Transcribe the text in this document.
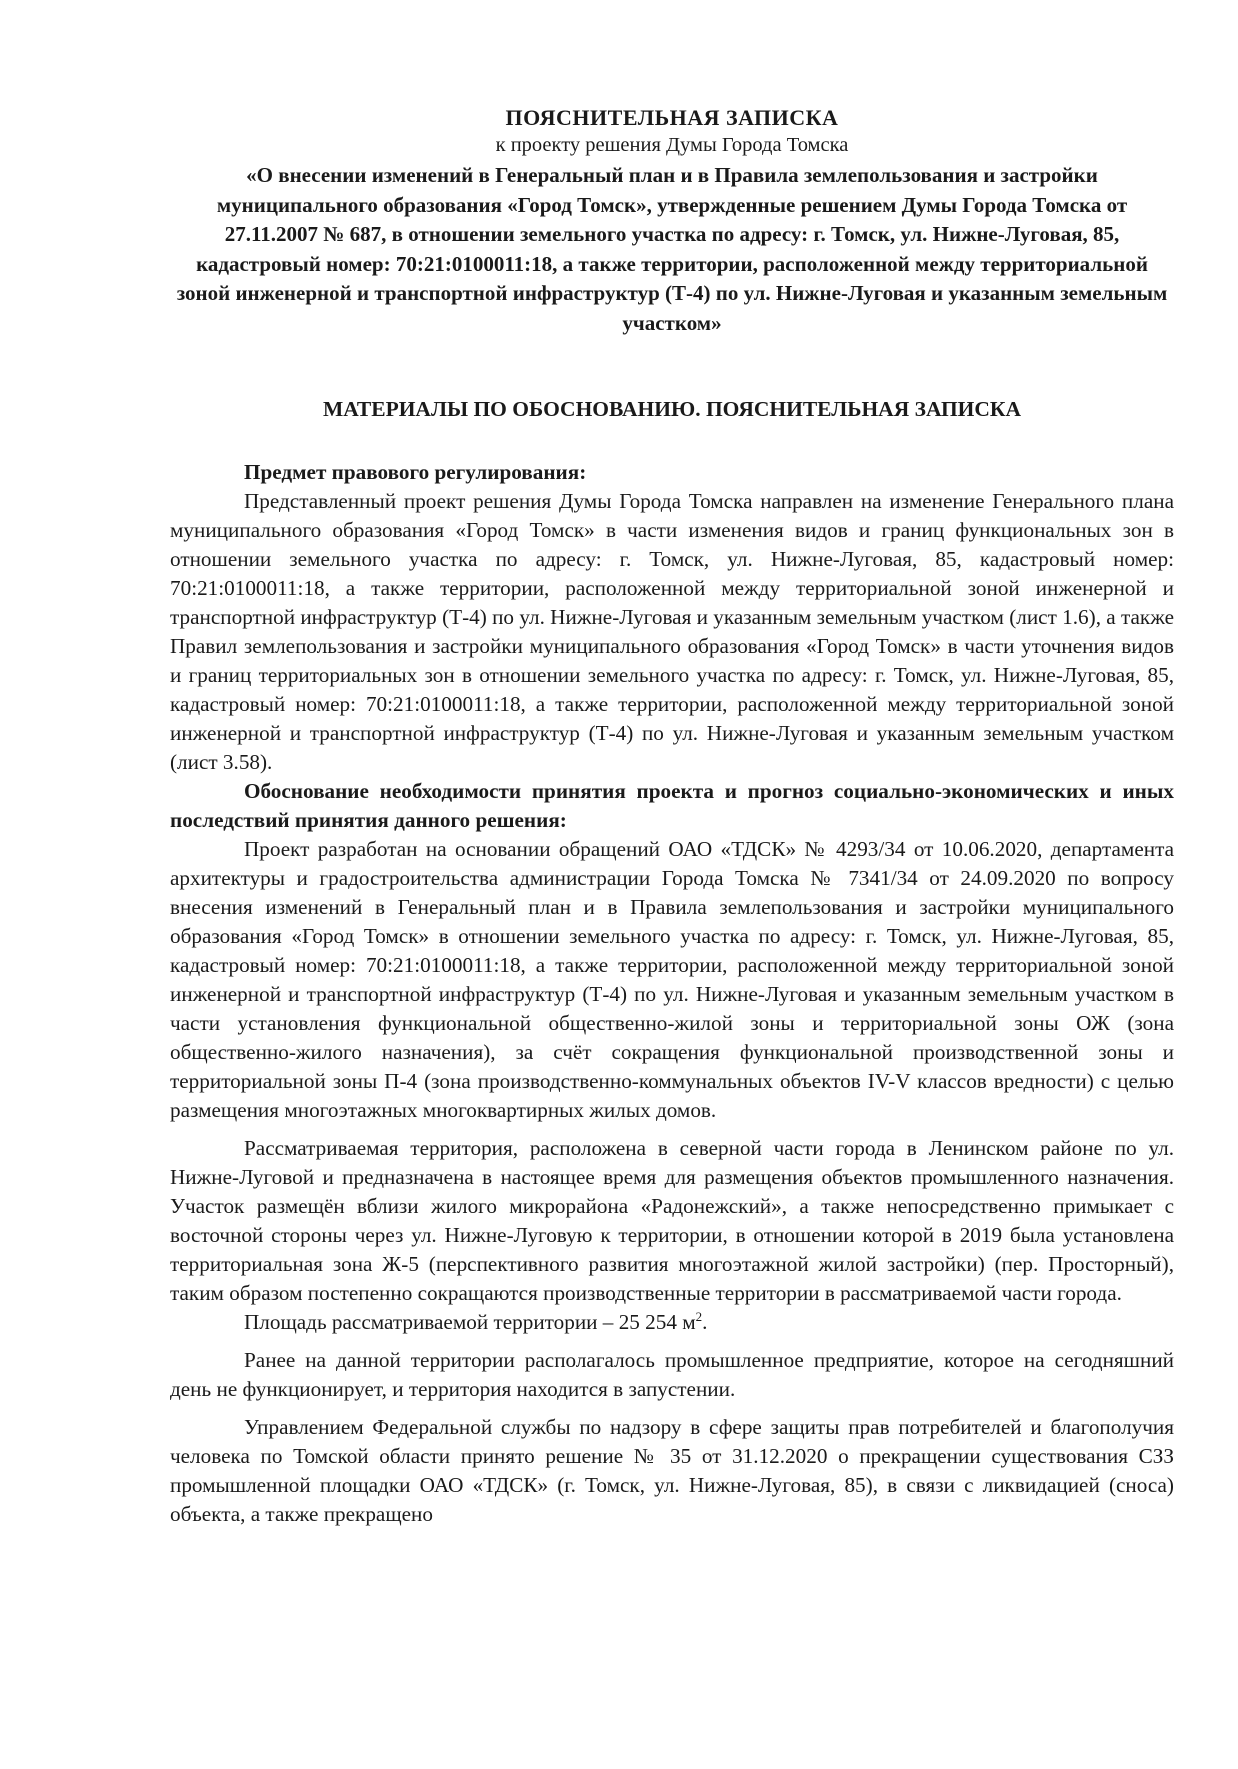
ПОЯСНИТЕЛЬНАЯ ЗАПИСКА
к проекту решения Думы Города Томска
«О внесении изменений в Генеральный план и в Правила землепользования и застройки муниципального образования «Город Томск», утвержденные решением Думы Города Томска от 27.11.2007 № 687, в отношении земельного участка по адресу: г. Томск, ул. Нижне-Луговая, 85, кадастровый номер: 70:21:0100011:18, а также территории, расположенной между территориальной зоной инженерной и транспортной инфраструктур (Т-4) по ул. Нижне-Луговая и указанным земельным участком»
МАТЕРИАЛЫ ПО ОБОСНОВАНИЮ. ПОЯСНИТЕЛЬНАЯ ЗАПИСКА

Предмет правового регулирования:

Представленный проект решения Думы Города Томска направлен на изменение Генерального плана муниципального образования «Город Томск» в части изменения видов и границ функциональных зон в отношении земельного участка по адресу: г. Томск, ул. Нижне-Луговая, 85, кадастровый номер: 70:21:0100011:18, а также территории, расположенной между территориальной зоной инженерной и транспортной инфраструктур (Т-4) по ул. Нижне-Луговая и указанным земельным участком (лист 1.6), а также Правил землепользования и застройки муниципального образования «Город Томск» в части уточнения видов и границ территориальных зон в отношении земельного участка по адресу: г. Томск, ул. Нижне-Луговая, 85, кадастровый номер: 70:21:0100011:18, а также территории, расположенной между территориальной зоной инженерной и транспортной инфраструктур (Т-4) по ул. Нижне-Луговая и указанным земельным участком (лист 3.58).

Обоснование необходимости принятия проекта и прогноз социально-экономических и иных последствий принятия данного решения:

Проект разработан на основании обращений ОАО «ТДСК» № 4293/34 от 10.06.2020, департамента архитектуры и градостроительства администрации Города Томска № 7341/34 от 24.09.2020 по вопросу внесения изменений в Генеральный план и в Правила землепользования и застройки муниципального образования «Город Томск» в отношении земельного участка по адресу: г. Томск, ул. Нижне-Луговая, 85, кадастровый номер: 70:21:0100011:18, а также территории, расположенной между территориальной зоной инженерной и транспортной инфраструктур (Т-4) по ул. Нижне-Луговая и указанным земельным участком в части установления функциональной общественно-жилой зоны и территориальной зоны ОЖ (зона общественно-жилого назначения), за счёт сокращения функциональной производственной зоны и территориальной зоны П-4 (зона производственно-коммунальных объектов IV-V классов вредности) с целью размещения многоэтажных многоквартирных жилых домов.

Рассматриваемая территория, расположена в северной части города в Ленинском районе по ул. Нижне-Луговой и предназначена в настоящее время для размещения объектов промышленного назначения. Участок размещён вблизи жилого микрорайона «Радонежский», а также непосредственно примыкает с восточной стороны через ул. Нижне-Луговую к территории, в отношении которой в 2019 была установлена территориальная зона Ж-5 (перспективного развития многоэтажной жилой застройки) (пер. Просторный), таким образом постепенно сокращаются производственные территории в рассматриваемой части города.

Площадь рассматриваемой территории – 25 254 $м^2$.

Ранее на данной территории располагалось промышленное предприятие, которое на сегодняшний день не функционирует, и территория находится в запустении.

Управлением Федеральной службы по надзору в сфере защиты прав потребителей и благополучия человека по Томской области принято решение № 35 от 31.12.2020 о прекращении существования СЗЗ промышленной площадки ОАО «ТДСК» (г. Томск, ул. Нижне-Луговая, 85), в связи с ликвидацией (сноса) объекта, а также прекращено
